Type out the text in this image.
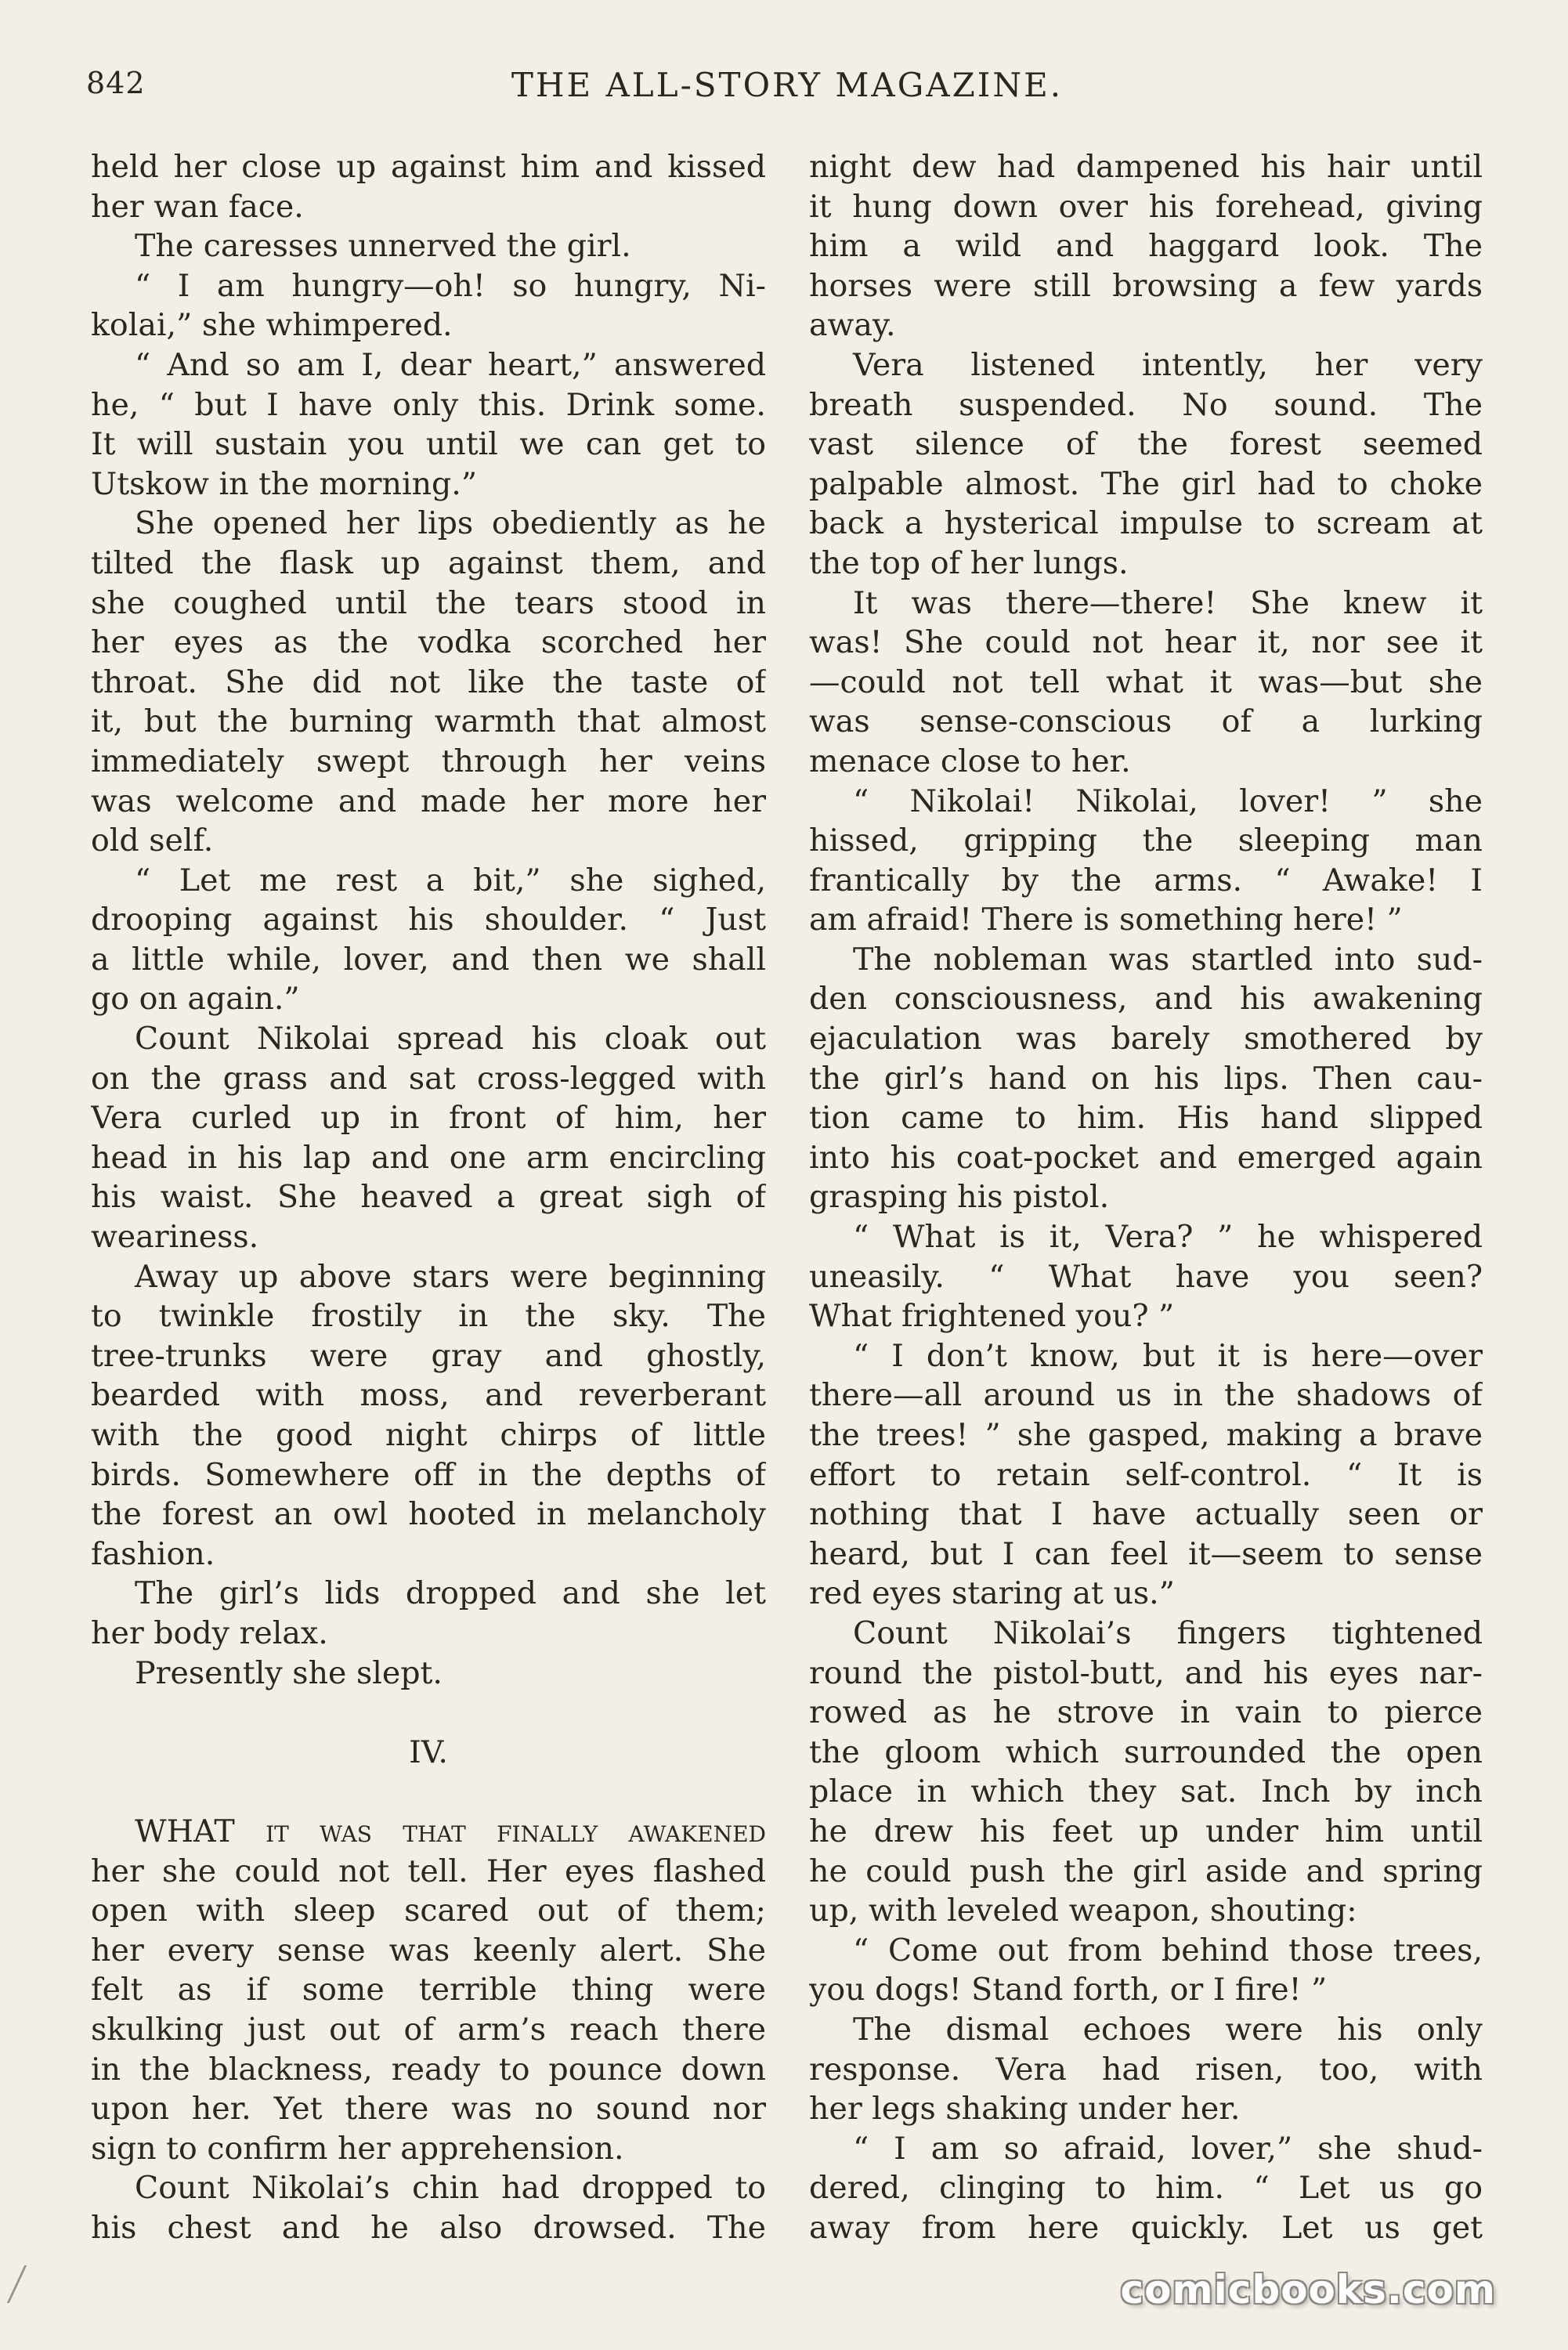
842	THE ALL-STORY MAGAZINE.
held her close up against him and kissed
her wan face.
The caresses unnerved the girl.
“ I am hungry—oh! so hungry, Ni-
kolai,” she whimpered.
“ And so am I, dear heart,” answered
he, “ but I have only this. Drink some.
It will sustain you until we can get to
Utskow in the morning.”
She opened her lips obediently as he
tilted the flask up against them, and
she coughed until the tears stood in
her eyes as the vodka scorched her
throat. She did not like the taste of
it, but the burning warmth that almost
immediately swept through her veins
was welcome and made her more her
old self.
“ Let me rest a bit,” she sighed,
drooping against his shoulder. “ Just
a little while, lover, and then we shall
go on again.”
Count Nikolai spread his cloak out
on the grass and sat cross-legged with
Vera curled up in front of him, her
head in his lap and one arm encircling
his waist. She heaved a great sigh of
weariness.
Away up above stars were beginning
to twinkle frostily in the sky. The
tree-trunks were gray and ghostly,
bearded with moss, and reverberant
with the good night chirps of little
birds. Somewhere off in the depths of
the forest an owl hooted in melancholy
fashion.
The girl’s lids dropped and she let
her body relax.
Presently she slept.
IV.
WHAT it was that finally awakened
her she could not tell. Her eyes flashed
open with sleep scared out of them;
her every sense was keenly alert. She
felt as if some terrible thing were
skulking just out of arm’s reach there
in the blackness, ready to pounce down
upon her. Yet there was no sound nor
sign to confirm her apprehension.
Count Nikolai’s chin had dropped to
his chest and he also drowsed. The
night dew had dampened his hair until
it hung down over his forehead, giving
him a wild and haggard look. The
horses were still browsing a few yards
away.
Vera listened intently, her very
breath suspended. No sound. The
vast silence of the forest seemed
palpable almost. The girl had to choke
back a hysterical impulse to scream at
the top of her lungs.
It was there—there! She knew it
was! She could not hear it, nor see it
—could not tell what it was—but she
was sense-conscious of a lurking
menace close to her.
“ Nikolai! Nikolai, lover! ” she
hissed, gripping the sleeping man
frantically by the arms. “ Awake! I
am afraid! There is something here! ”
The nobleman was startled into sud-
den consciousness, and his awakening
ejaculation was barely smothered by
the girl’s hand on his lips. Then cau-
tion came to him. His hand slipped
into his coat-pocket and emerged again
grasping his pistol.
“ What is it, Vera? ” he whispered
uneasily. “ What have you seen?
What frightened you? ”
“ I don’t know, but it is here—over
there—all around us in the shadows of
the trees! ” she gasped, making a brave
effort to retain self-control. “ It is
nothing that I have actually seen or
heard, but I can feel it—seem to sense
red eyes staring at us.”
Count Nikolai’s fingers tightened
round the pistol-butt, and his eyes nar-
rowed as he strove in vain to pierce
the gloom which surrounded the open
place in which they sat. Inch by inch
he drew his feet up under him until
he could push the girl aside and spring
up, with leveled weapon, shouting:
“ Come out from behind those trees,
you dogs! Stand forth, or I fire! ”
The dismal echoes were his only
response. Vera had risen, too, with
her legs shaking under her.
“ I am so afraid, lover,” she shud-
dered, clinging to him. “ Let us go
away from here quickly. Let us get
comicbooks.com
